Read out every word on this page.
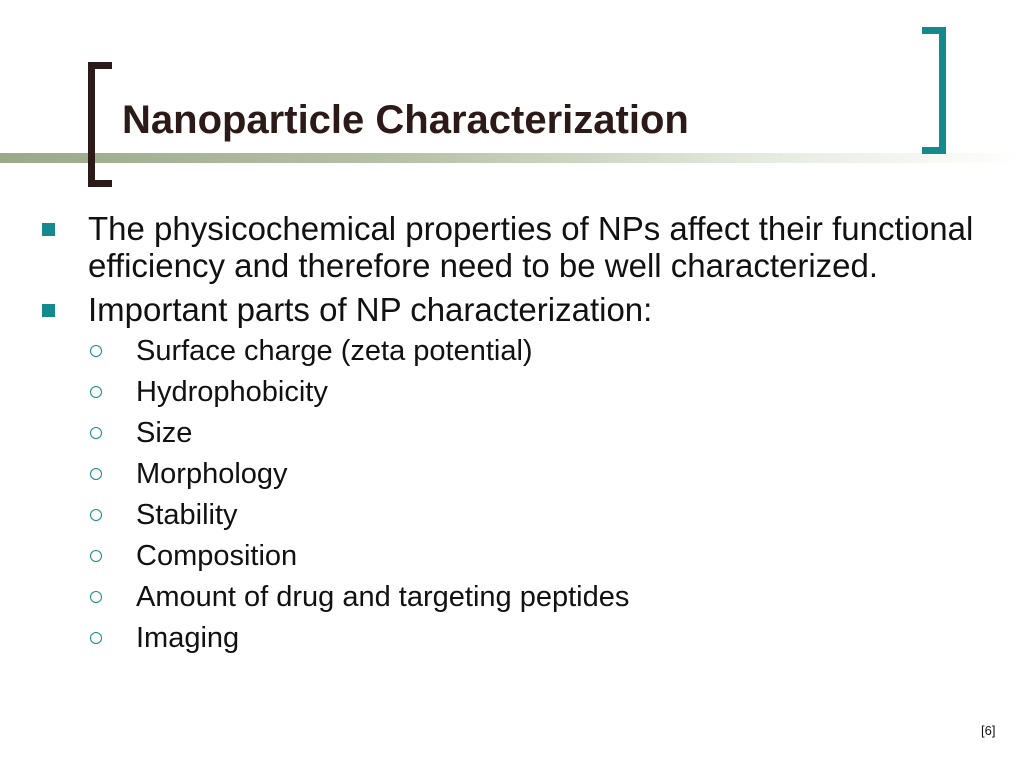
Nanoparticle Characterization
The physicochemical properties of NPs affect their functional efficiency and therefore need to be well characterized.
Important parts of NP characterization:
Surface charge (zeta potential)
Hydrophobicity
Size
Morphology
Stability
Composition
Amount of drug and targeting peptides
Imaging
[6]
